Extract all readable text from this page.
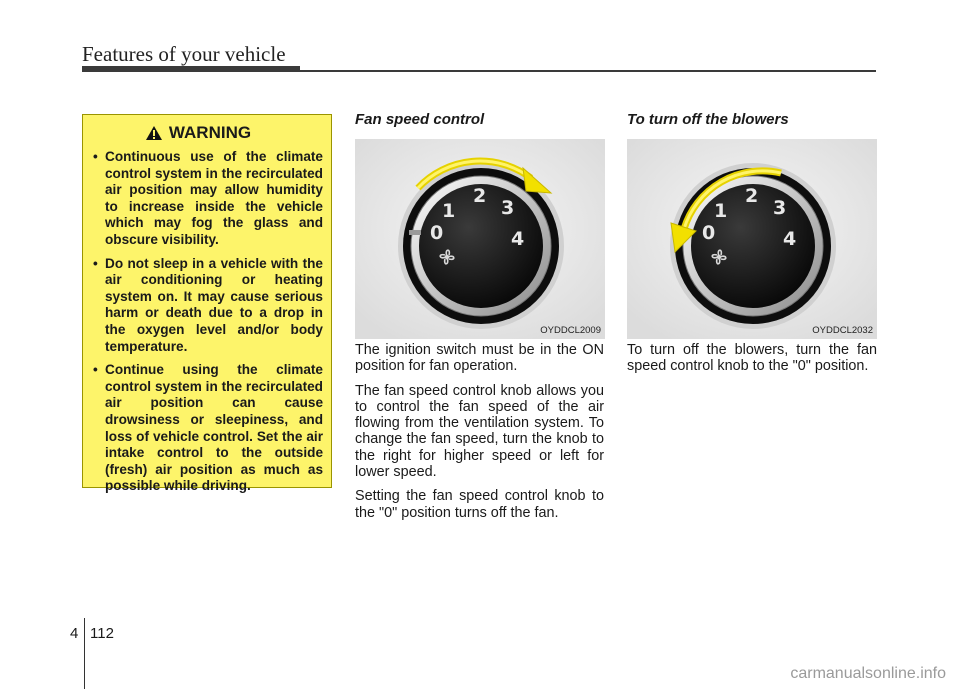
Features of your vehicle
WARNING
• Continuous use of the climate control system in the recirculated air position may allow humidity to increase inside the vehicle which may fog the glass and obscure visibility.
• Do not sleep in a vehicle with the air conditioning or heating system on. It may cause serious harm or death due to a drop in the oxygen level and/or body temperature.
• Continue using the climate control system in the recirculated air position can cause drowsiness or sleepiness, and loss of vehicle control. Set the air intake control to the outside (fresh) air position as much as possible while driving.
Fan speed control
0
1
2
3
4
OYDDCL2009

The ignition switch must be in the ON position for fan operation.

The fan speed control knob allows you to control the fan speed of the air flowing from the ventilation system. To change the fan speed, turn the knob to the right for higher speed or left for lower speed.

Setting the fan speed control knob to the "0" position turns off the fan.

To turn off the blowers
0
1
2
3
4
OYDDCL2032

To turn off the blowers, turn the fan speed control knob to the "0" position.

4 112
carmanualsonline.info
